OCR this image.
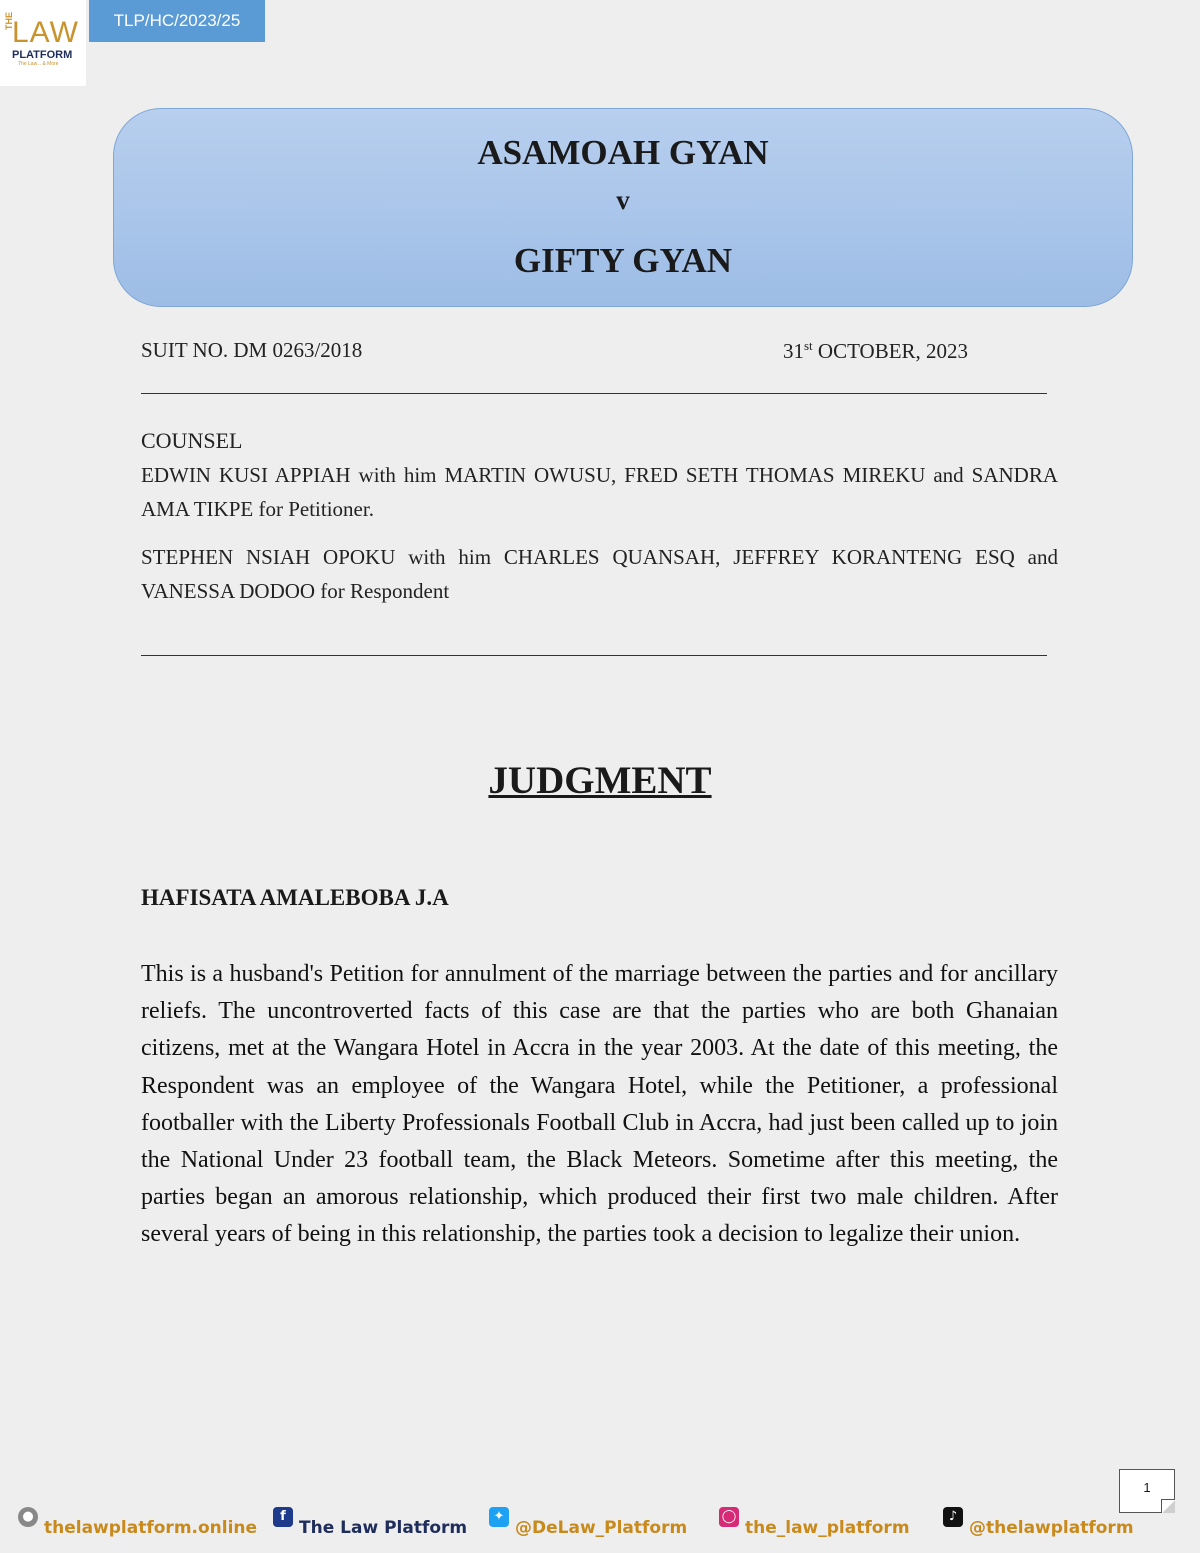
THE
LAW
PLATFORM
The Law... & More
TLP/HC/2023/25
ASAMOAH GYAN
v
GIFTY GYAN
SUIT NO. DM 0263/2018	31st OCTOBER, 2023
COUNSEL
EDWIN KUSI APPIAH with him MARTIN OWUSU, FRED SETH THOMAS MIREKU and SANDRA AMA TIKPE for Petitioner.
STEPHEN NSIAH OPOKU with him CHARLES QUANSAH, JEFFREY KORANTENG ESQ and VANESSA DODOO for Respondent
JUDGMENT
HAFISATA AMALEBOBA J.A
This is a husband's Petition for annulment of the marriage between the parties and for ancillary reliefs. The uncontroverted facts of this case are that the parties who are both Ghanaian citizens, met at the Wangara Hotel in Accra in the year 2003. At the date of this meeting, the Respondent was an employee of the Wangara Hotel, while the Petitioner, a professional footballer with the Liberty Professionals Football Club in Accra, had just been called up to join the National Under 23 football team, the Black Meteors. Sometime after this meeting, the parties began an amorous relationship, which produced their first two male children. After several years of being in this relationship, the parties took a decision to legalize their union.
1
●
thelawplatform.online
f
The Law Platform
✦
@DeLaw_Platform
◯
the_law_platform
♪
@thelawplatform
